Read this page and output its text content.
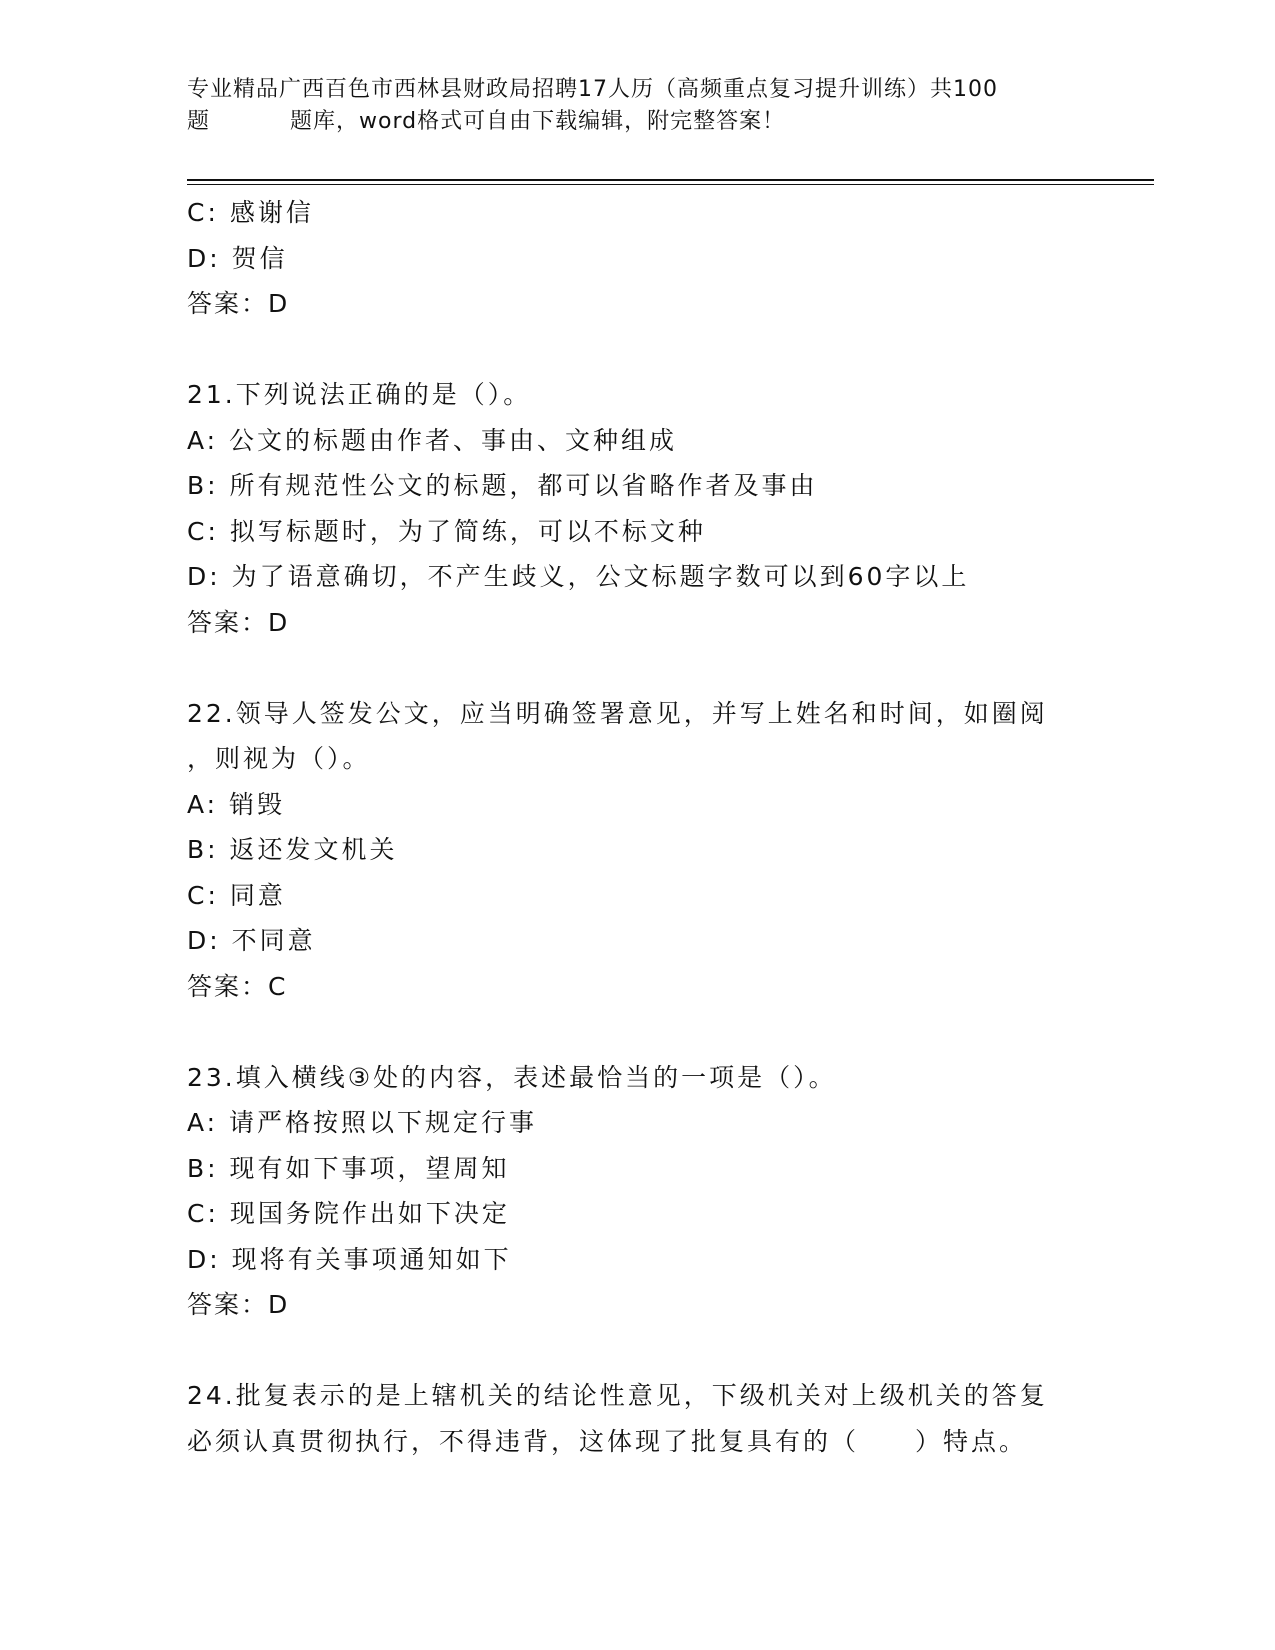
专业精品广西百色市西林县财政局招聘17人历（高频重点复习提升训练）共100
题	题库，word格式可自由下载编辑，附完整答案！
C: 感谢信
D: 贺信
答案：D
21.下列说法正确的是（）。
A: 公文的标题由作者、事由、文种组成
B: 所有规范性公文的标题，都可以省略作者及事由
C: 拟写标题时，为了简练，可以不标文种
D: 为了语意确切，不产生歧义，公文标题字数可以到60字以上
答案：D
22.领导人签发公文，应当明确签署意见，并写上姓名和时间，如圈阅
，则视为（）。
A: 销毁
B: 返还发文机关
C: 同意
D: 不同意
答案：C
23.填入横线③处的内容，表述最恰当的一项是（）。
A: 请严格按照以下规定行事
B: 现有如下事项，望周知
C: 现国务院作出如下决定
D: 现将有关事项通知如下
答案：D
24.批复表示的是上辖机关的结论性意见，下级机关对上级机关的答复
必须认真贯彻执行，不得违背，这体现了批复具有的（　　）特点。
